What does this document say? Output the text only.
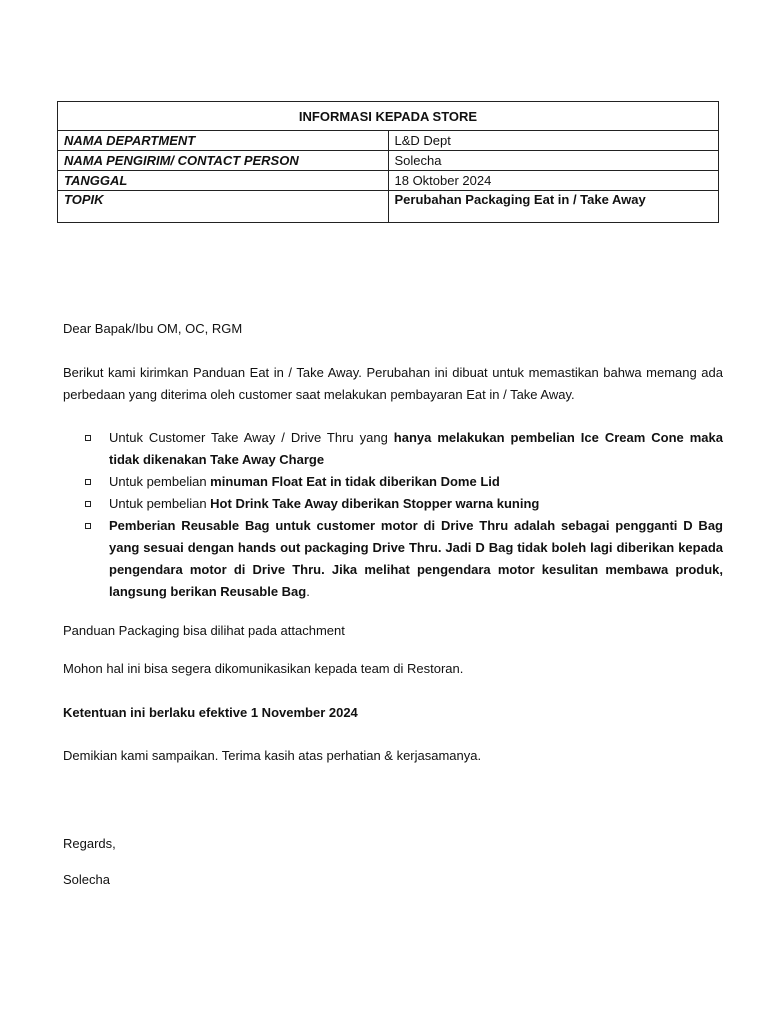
INFORMASI KEPADA STORE	
NAMA DEPARTMENT	L&D Dept
NAMA PENGIRIM/ CONTACT PERSON	Solecha
TANGGAL	18 Oktober 2024
TOPIK	Perubahan Packaging Eat in / Take Away

Dear Bapak/Ibu OM, OC, RGM

Berikut kami kirimkan Panduan Eat in / Take Away. Perubahan ini dibuat untuk memastikan bahwa memang ada perbedaan yang diterima oleh customer saat melakukan pembayaran Eat in / Take Away.

Untuk Customer Take Away / Drive Thru yang hanya melakukan pembelian Ice Cream Cone maka tidak dikenakan Take Away Charge
Untuk pembelian minuman Float Eat in tidak diberikan Dome Lid
Untuk pembelian Hot Drink Take Away diberikan Stopper warna kuning
Pemberian Reusable Bag untuk customer motor di Drive Thru adalah sebagai pengganti D Bag yang sesuai dengan hands out packaging Drive Thru. Jadi D Bag tidak boleh lagi diberikan kepada pengendara motor di Drive Thru. Jika melihat pengendara motor kesulitan membawa produk, langsung berikan Reusable Bag.

Panduan Packaging bisa dilihat pada attachment

Mohon hal ini bisa segera dikomunikasikan kepada team di Restoran.

Ketentuan ini berlaku efektive 1 November 2024

Demikian kami sampaikan. Terima kasih atas perhatian & kerjasamanya.

Regards,

Solecha
